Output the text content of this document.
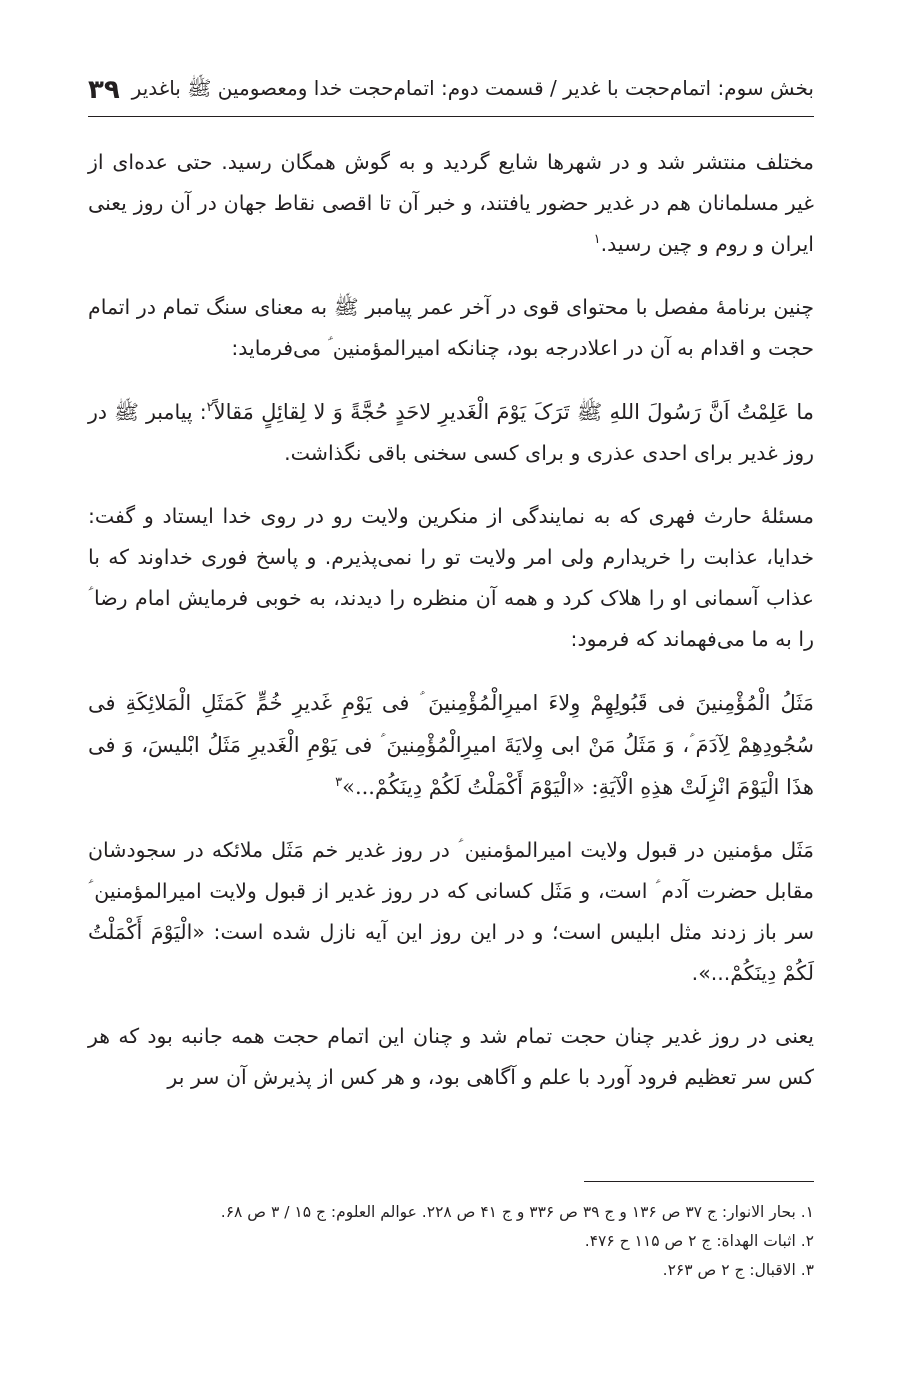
بخش سوم: اتمام‌حجت با غدیر / قسمت دوم: اتمام‌حجت خدا ومعصومین ﷺ باغدیر
۳۹

مختلف منتشر شد و در شهرها شایع گردید و به گوش همگان رسید. حتی عده‌ای از غیر مسلمانان هم در غدیر حضور یافتند، و خبر آن تا اقصی نقاط جهان در آن روز یعنی ایران و روم و چین رسید.$^۱$

چنین برنامهٔ مفصل با محتوای قوی در آخر عمر پیامبر ﷺ به معنای سنگ تمام در اتمام حجت و اقدام به آن در اعلادرجه بود، چنانکه امیرالمؤمنین ؑ می‌فرماید:

ما عَلِمْتُ اَنَّ رَسُولَ اللهِ ﷺ تَرَکَ یَوْمَ الْغَدیرِ لاحَدٍ حُجَّةً وَ لا لِقائِلٍ مَقالاً$^۲$: پیامبر ﷺ در روز غدیر برای احدی عذری و برای کسی سخنی باقی نگذاشت.

مسئلهٔ حارث فهری که به نمایندگی از منکرین ولایت رو در روی خدا ایستاد و گفت: خدایا، عذابت را خریدارم ولی امر ولایت تو را نمی‌پذیرم. و پاسخ فوری خداوند که با عذاب آسمانی او را هلاک کرد و همه آن منظره را دیدند، به خوبی فرمایش امام رضا ؑ را به ما می‌فهماند که فرمود:

مَثَلُ الْمُؤْمِنینَ فی قَبُولِهِمْ وِلاءَ امیرِالْمُؤْمِنینَ ؑ فی یَوْمِ غَدیرِ خُمٍّ کَمَثَلِ الْمَلائِکَةِ فی سُجُودِهِمْ لِآدَمَ ؑ، وَ مَثَلُ مَنْ ابی وِلایَةَ امیرِالْمُؤْمِنینَ ؑ فی یَوْمِ الْغَدیرِ مَثَلُ ابْلیسَ، وَ فی هذَا الْیَوْمَ انْزِلَتْ هذِهِ الْآیَةِ: «الْیَوْمَ أَکْمَلْتُ لَکُمْ دِینَکُمْ...»$^۳$

مَثَل مؤمنین در قبول ولایت امیرالمؤمنین ؑ در روز غدیر خم مَثَل ملائکه در سجودشان مقابل حضرت آدم ؑ است، و مَثَل کسانی که در روز غدیر از قبول ولایت امیرالمؤمنین ؑ سر باز زدند مثل ابلیس است؛ و در این روز این آیه نازل شده است: «الْیَوْمَ أَکْمَلْتُ لَکُمْ دِینَکُمْ...».

یعنی در روز غدیر چنان حجت تمام شد و چنان این اتمام حجت همه جانبه بود که هر کس سر تعظیم فرود آورد با علم و آگاهی بود، و هر کس از پذیرش آن سر بر

۱. بحار الانوار: ج ۳۷ ص ۱۳۶ و ج ۳۹ ص ۳۳۶ و ج ۴۱ ص ۲۲۸. عوالم العلوم: ج ۱۵ / ۳ ص ۶۸.

۲. اثبات الهداة: ج ۲ ص ۱۱۵ ح ۴۷۶.

۳. الاقبال: ج ۲ ص ۲۶۳.
